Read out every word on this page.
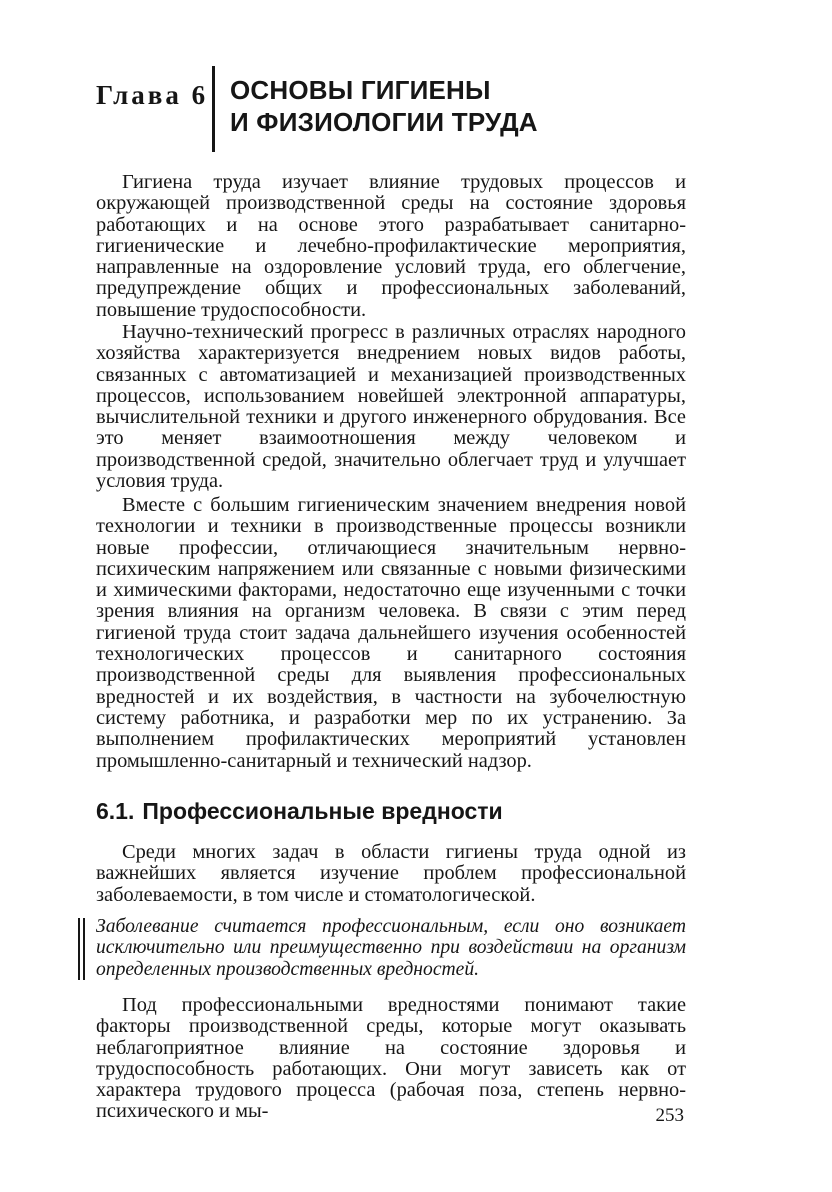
Глава 6 ОСНОВЫ ГИГИЕНЫ
И ФИЗИОЛОГИИ ТРУДА

Гигиена труда изучает влияние трудовых процессов и окружающей производственной среды на состояние здоровья работающих и на основе этого разрабатывает санитарно-гигиенические и лечебно-профилактические мероприятия, направленные на оздоровление условий труда, его облегчение, предупреждение общих и профессиональных заболеваний, повышение трудоспособности.

Научно-технический прогресс в различных отраслях народного хозяйства характеризуется внедрением новых видов работы, связанных с автоматизацией и механизацией производственных процессов, использованием новейшей электронной аппаратуры, вычислительной техники и другого инженерного обрудования. Все это меняет взаимоотношения между человеком и производственной средой, значительно облегчает труд и улучшает условия труда.

Вместе с большим гигиеническим значением внедрения новой технологии и техники в производственные процессы возникли новые профессии, отличающиеся значительным нервно-психическим напряжением или связанные с новыми физическими и химическими факторами, недостаточно еще изученными с точки зрения влияния на организм человека. В связи с этим перед гигиеной труда стоит задача дальнейшего изучения особенностей технологических процессов и санитарного состояния производственной среды для выявления профессиональных вредностей и их воздействия, в частности на зубочелюстную систему работника, и разработки мер по их устранению. За выполнением профилактических мероприятий установлен промышленно-санитарный и технический надзор.

6.1. Профессиональные вредности

Среди многих задач в области гигиены труда одной из важнейших является изучение проблем профессиональной заболеваемости, в том числе и стоматологической.

Заболевание считается профессиональным, если оно возникает исключительно или преимущественно при воздействии на организм определенных производственных вредностей.

Под профессиональными вредностями понимают такие факторы производственной среды, которые могут оказывать неблагоприятное влияние на состояние здоровья и трудоспособность работающих. Они могут зависеть как от характера трудового процесса (рабочая поза, степень нервно-психического и мы-	253
